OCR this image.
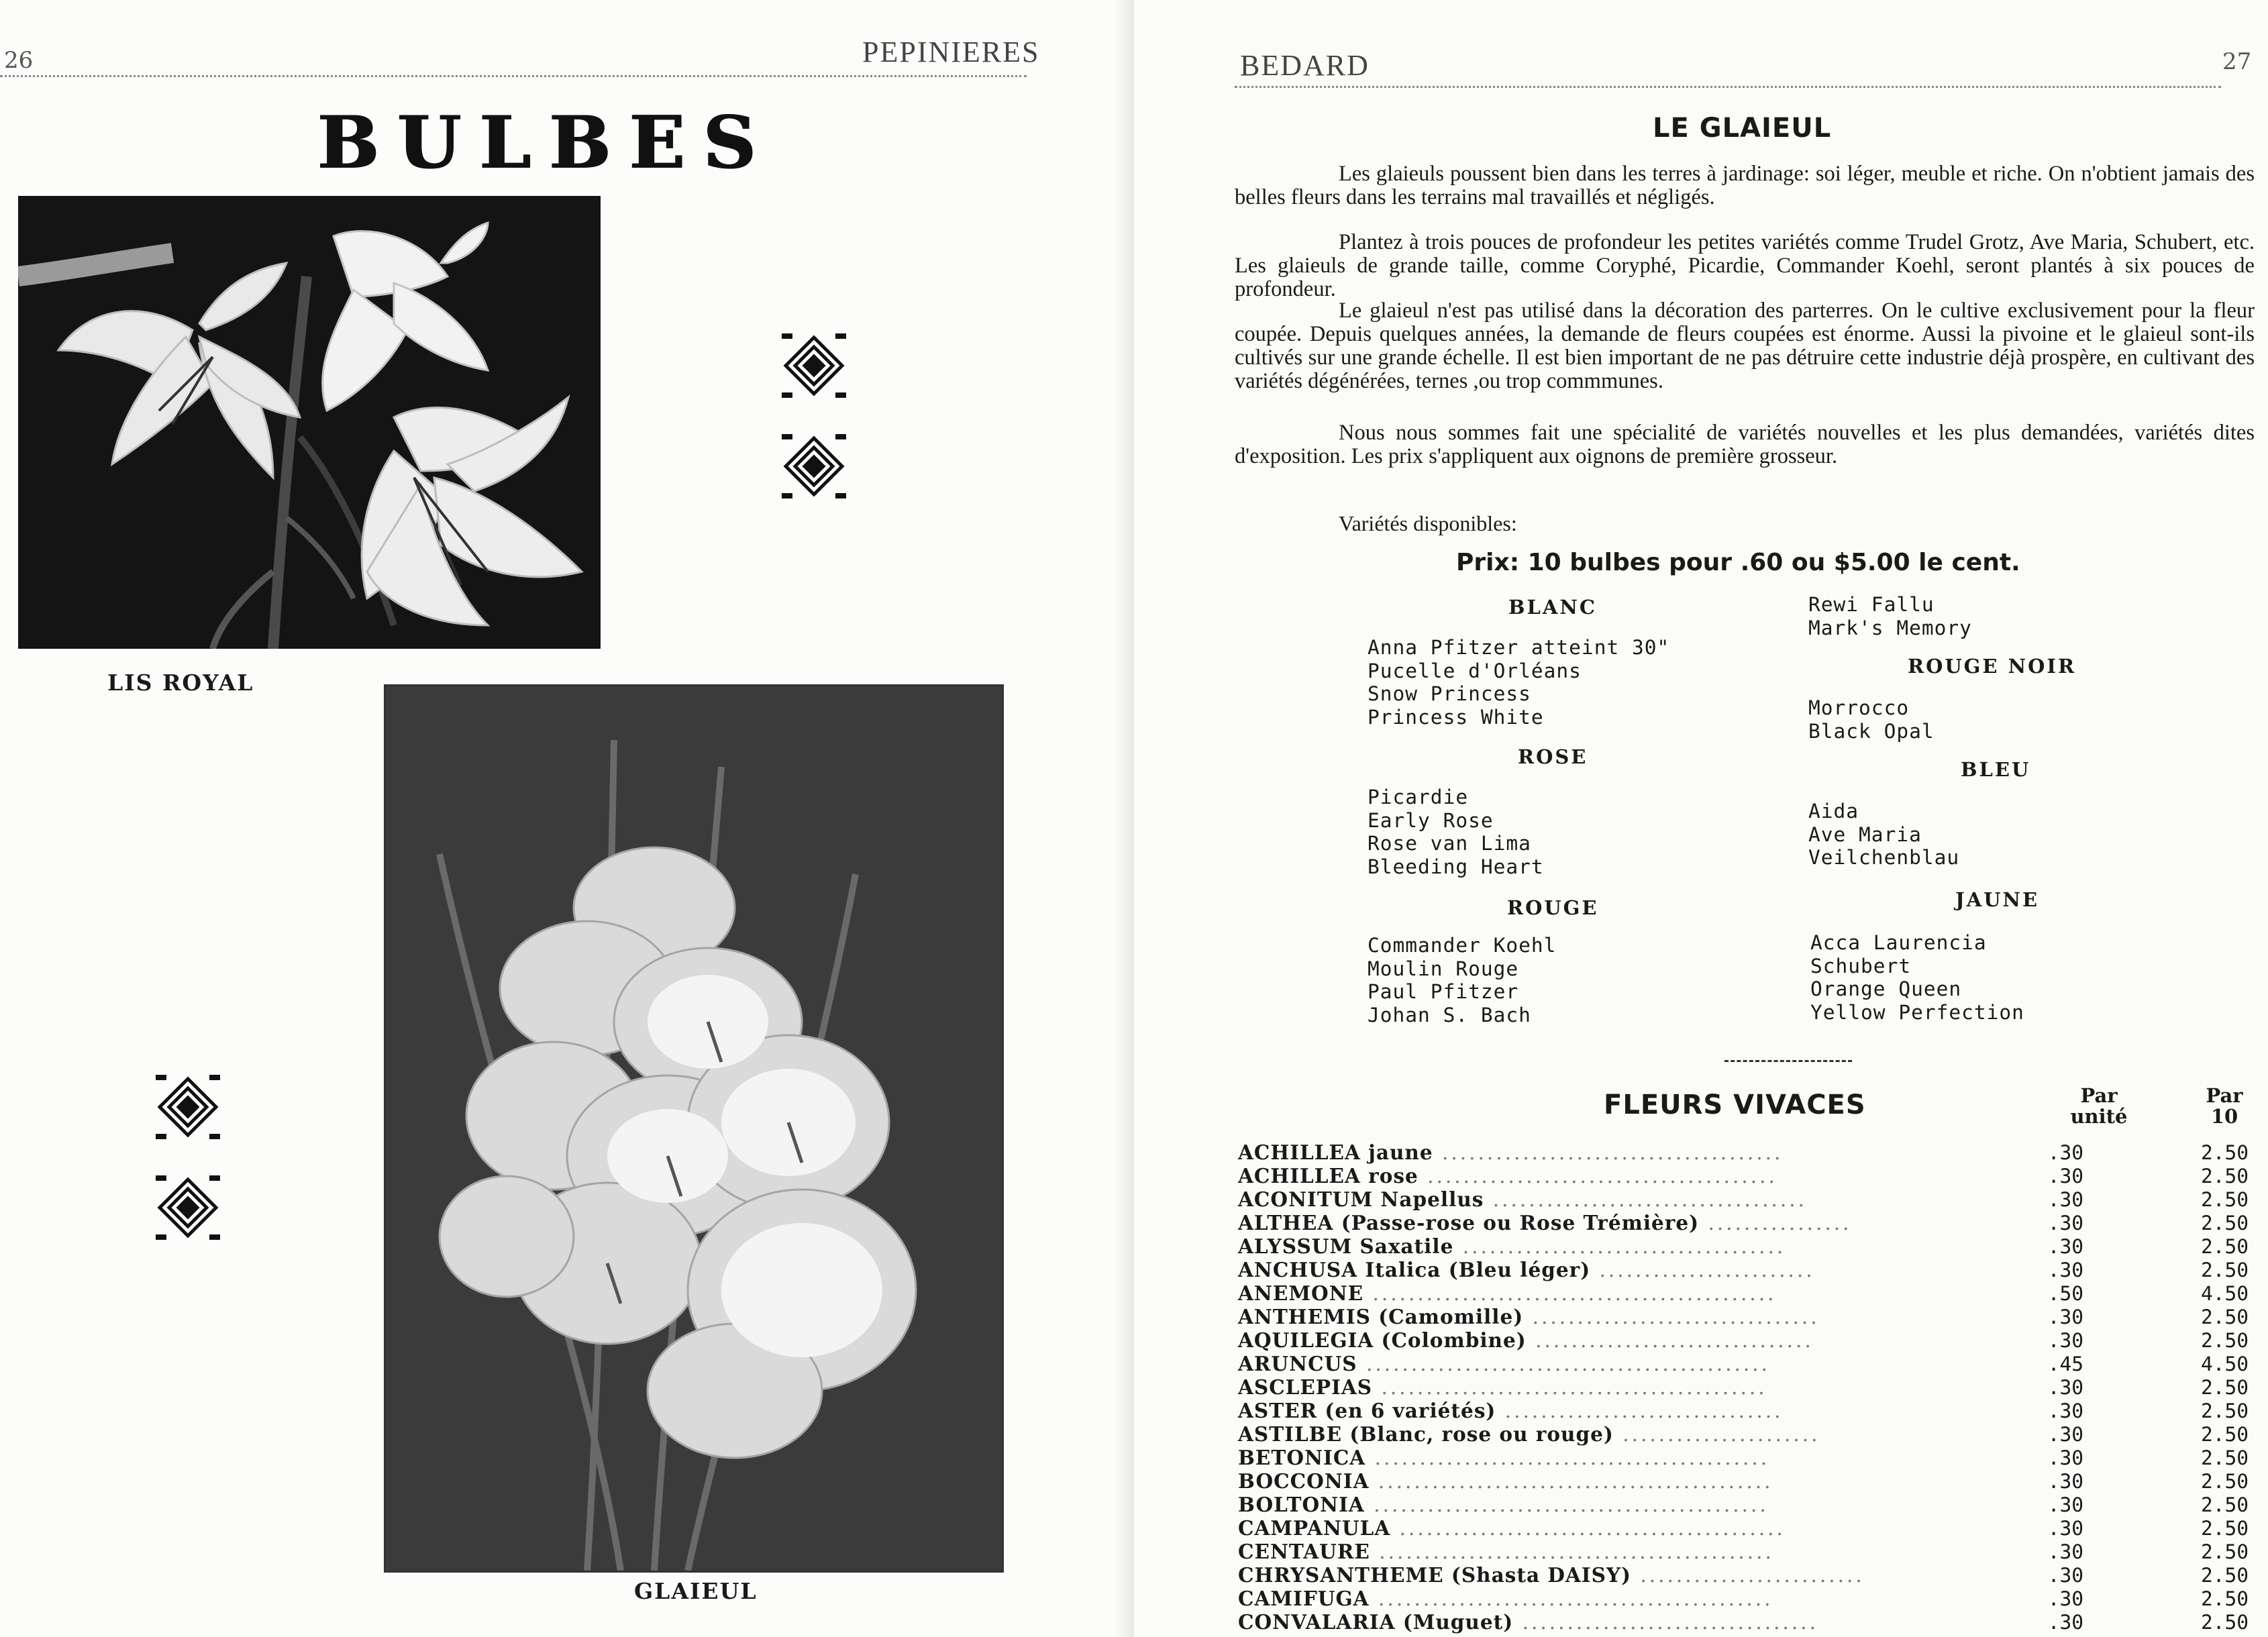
26	PEPINIERES
BULBES
LIS ROYAL
GLAIEUL
BEDARD	27
LE GLAIEUL

Les glaieuls poussent bien dans les terres à jardinage: soi léger, meuble et riche. On n'obtient jamais des belles fleurs dans les terrains mal travaillés et négligés.

Plantez à trois pouces de profondeur les petites variétés comme Trudel Grotz, Ave Maria, Schubert, etc. Les glaieuls de grande taille, comme Coryphé, Picardie, Commander Koehl, seront plantés à six pouces de profondeur.

Le glaieul n'est pas utilisé dans la décoration des parterres. On le cultive exclusivement pour la fleur coupée. Depuis quelques années, la demande de fleurs coupées est énorme. Aussi la pivoine et le glaieul sont-ils cultivés sur une grande échelle. Il est bien important de ne pas détruire cette industrie déjà prospère, en cultivant des variétés dégénérées, ternes ,ou trop commmunes.

Nous nous sommes fait une spécialité de variétés nouvelles et les plus demandées, variétés dites d'exposition. Les prix s'appliquent aux oignons de première grosseur.

Variétés disponibles:
Prix: 10 bulbes pour .60 ou $5.00 le cent.
BLANC
Anna Pfitzer atteint 30"
Pucelle d'Orléans
Snow Princess
Princess White
ROSE
Picardie
Early Rose
Rose van Lima
Bleeding Heart
ROUGE
Commander Koehl
Moulin Rouge
Paul Pfitzer
Johan S. Bach
Rewi Fallu
Mark's Memory
ROUGE NOIR
Morrocco
Black Opal
BLEU
Aida
Ave Maria
Veilchenblau
JAUNE
Acca Laurencia
Schubert
Orange Queen
Yellow Perfection
FLEURS VIVACES	Par unité
Par 10
ACHILLEA jaune ......................................	.30	2.50
ACHILLEA rose .......................................	.30	2.50
ACONITUM Napellus ...................................	.30	2.50
ALTHEA (Passe-rose ou Rose Trémière) ................	.30	2.50
ALYSSUM Saxatile ....................................	.30	2.50
ANCHUSA Italica (Bleu léger) ........................	.30	2.50
ANEMONE .............................................	.50	4.50
ANTHEMIS (Camomille) ................................	.30	2.50
AQUILEGIA (Colombine) ...............................	.30	2.50
ARUNCUS .............................................	.45	4.50
ASCLEPIAS ...........................................	.30	2.50
ASTER (en 6 variétés) ...............................	.30	2.50
ASTILBE (Blanc, rose ou rouge) ......................	.30	2.50
BETONICA ............................................	.30	2.50
BOCCONIA ............................................	.30	2.50
BOLTONIA ............................................	.30	2.50
CAMPANULA ...........................................	.30	2.50
CENTAURE ............................................	.30	2.50
CHRYSANTHEME (Shasta DAISY) .........................	.30	2.50
CAMIFUGA ............................................	.30	2.50
CONVALARIA (Muguet) .................................	.30	2.50
